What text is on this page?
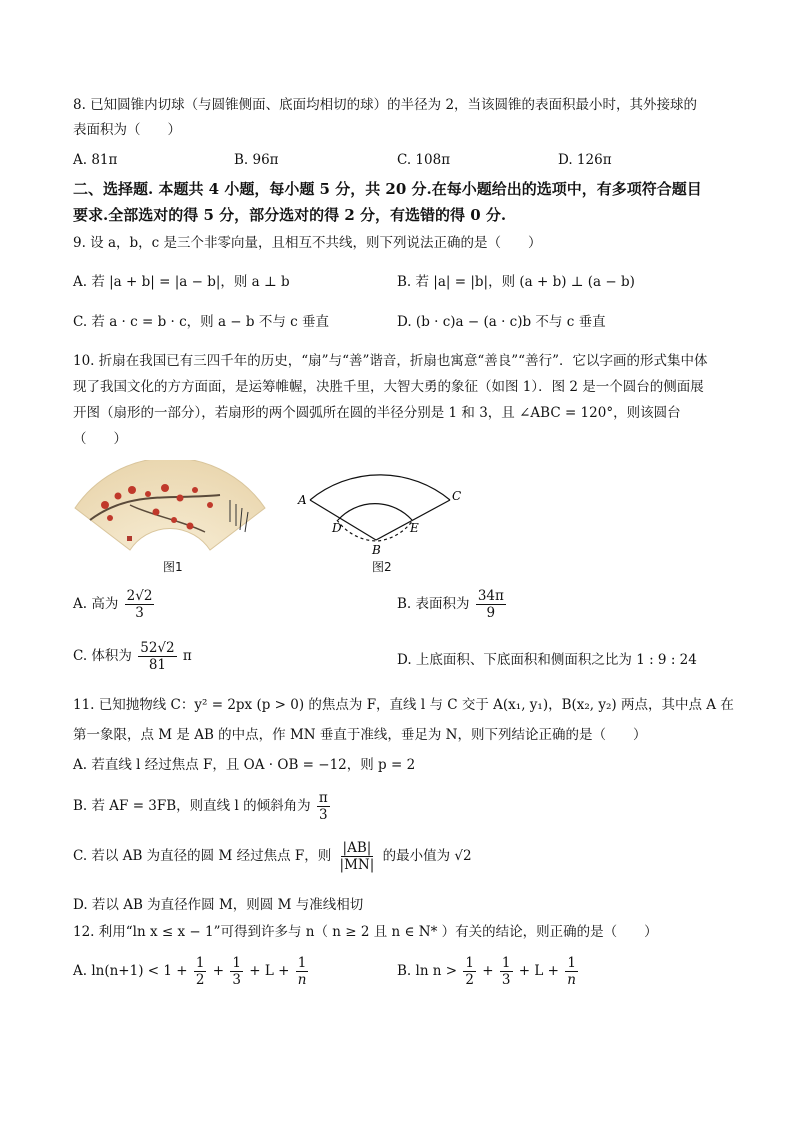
8. 已知圆锥内切球（与圆锥侧面、底面均相切的球）的半径为 2，当该圆锥的表面积最小时，其外接球的
表面积为（　　）
A. 81π	B. 96π	C. 108π	D. 126π
二、选择题. 本题共 4 小题，每小题 5 分，共 20 分.在每小题给出的选项中，有多项符合题目
要求.全部选对的得 5 分，部分选对的得 2 分，有选错的得 0 分.
9. 设 a，b，c 是三个非零向量，且相互不共线，则下列说法正确的是（　　）
A. 若 |a + b| = |a − b|，则 a ⊥ b	B. 若 |a| = |b|，则 (a + b) ⊥ (a − b)
C. 若 a · c = b · c，则 a − b 不与 c 垂直	D. (b · c)a − (a · c)b 不与 c 垂直
10. 折扇在我国已有三四千年的历史，“扇”与“善”谐音，折扇也寓意“善良”“善行”．它以字画的形式集中体
现了我国文化的方方面面，是运筹帷幄，决胜千里，大智大勇的象征（如图 1）．图 2 是一个圆台的侧面展
开图（扇形的一部分），若扇形的两个圆弧所在圆的半径分别是 1 和 3，且 ∠ABC = 120°，则该圆台
（　　）
图1
A	C
D	E
B
图2
A. 高为 $\frac{2√2}{3}$	B. 表面积为 $\frac{34\pi}{9}$
C. 体积为 $\frac{52√2}{81}$ π	D. 上底面积、下底面积和侧面积之比为 1 : 9 : 24
11. 已知抛物线 C：y² = 2px (p > 0) 的焦点为 F，直线 l 与 C 交于 A(x₁, y₁)，B(x₂, y₂) 两点，其中点 A 在
第一象限，点 M 是 AB 的中点，作 MN 垂直于准线，垂足为 N，则下列结论正确的是（　　）
A. 若直线 l 经过焦点 F，且 OA · OB = −12，则 p = 2
B. 若 AF = 3FB，则直线 l 的倾斜角为 $\frac{\pi}{3}$
C. 若以 AB 为直径的圆 M 经过焦点 F，则 $\frac{|AB|}{|MN|}$ 的最小值为 √2
D. 若以 AB 为直径作圆 M，则圆 M 与准线相切
12. 利用“ln x ≤ x − 1”可得到许多与 n（ n ≥ 2 且 n ∈ N* ）有关的结论，则正确的是（　　）
A. $\ln(n+1) < 1 + \frac{1}{2} + \frac{1}{3} + L + \frac{1}{n}$	B. $\ln n > \frac{1}{2} + \frac{1}{3} + L + \frac{1}{n}$
